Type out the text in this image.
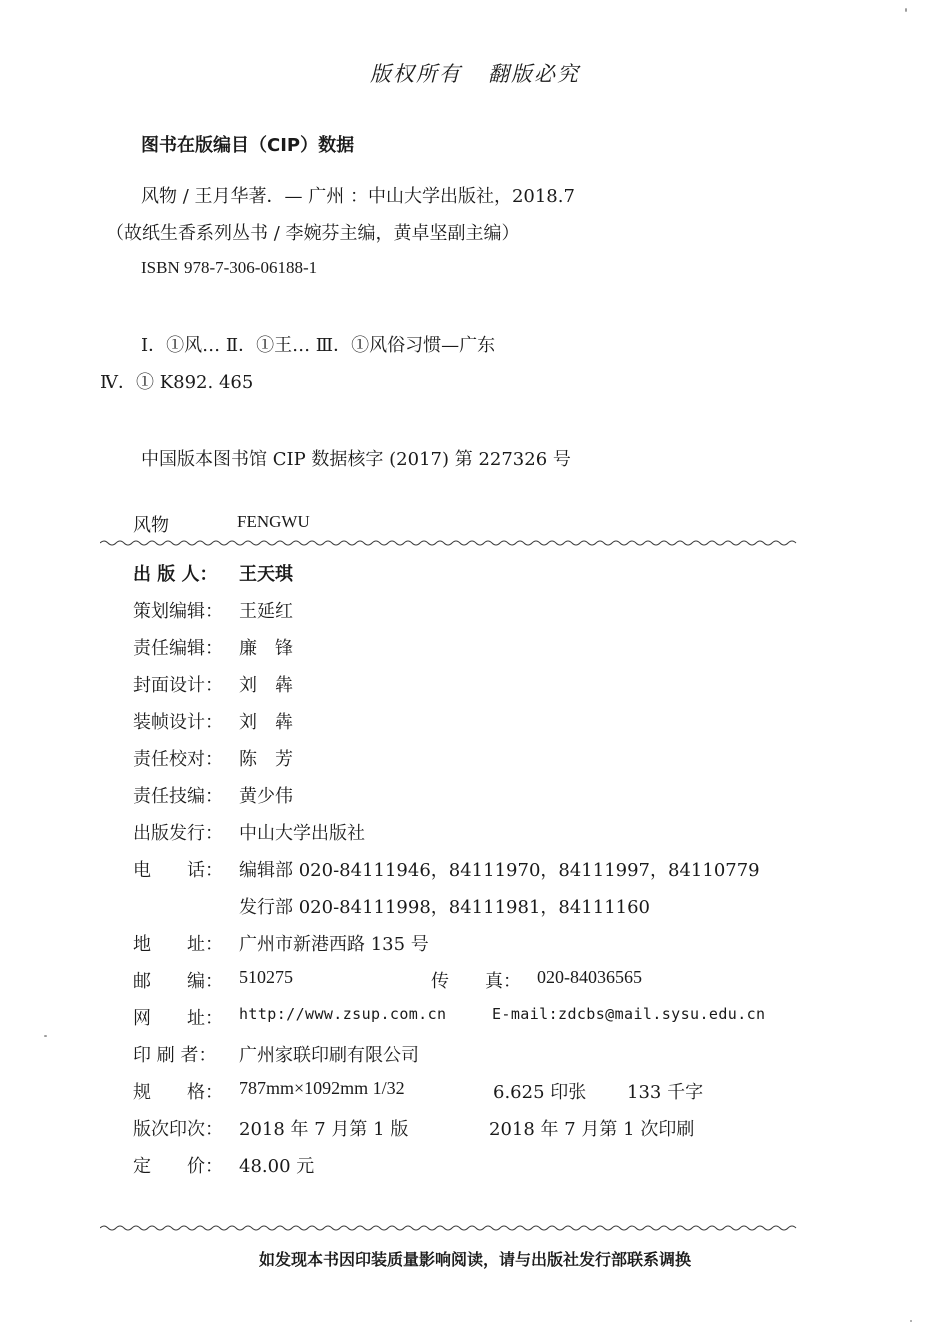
版权所有 翻版必究
图书在版编目（CIP）数据
风物 / 王月华著．— 广州 ：中山大学出版社，2018.7
（故纸生香系列丛书 / 李婉芬主编，黄卓坚副主编）
ISBN 978-7-306-06188-1
Ⅰ．①风… Ⅱ．①王… Ⅲ．①风俗习惯—广东
Ⅳ．① K892. 465
中国版本图书馆 CIP 数据核字 (2017) 第 227326 号
风物	FENGWU
出 版 人： 王天琪
策划编辑： 王延红
责任编辑： 廉　锋
封面设计： 刘　犇
装帧设计： 刘　犇
责任校对： 陈　芳
责任技编： 黄少伟
出版发行： 中山大学出版社
电　　话： 编辑部 020-84111946，84111970，84111997，84110779
发行部 020-84111998，84111981，84111160
地　　址： 广州市新港西路 135 号
邮　　编： 510275	传　　真： 020-84036565
网　　址： http://www.zsup.com.cn	E-mail:zdcbs@mail.sysu.edu.cn
印 刷 者： 广州家联印刷有限公司
规　　格： 787mm×1092mm 1/32	6.625 印张 133 千字
版次印次： 2018 年 7 月第 1 版	2018 年 7 月第 1 次印刷
定　　价： 48.00 元
如发现本书因印装质量影响阅读，请与出版社发行部联系调换
